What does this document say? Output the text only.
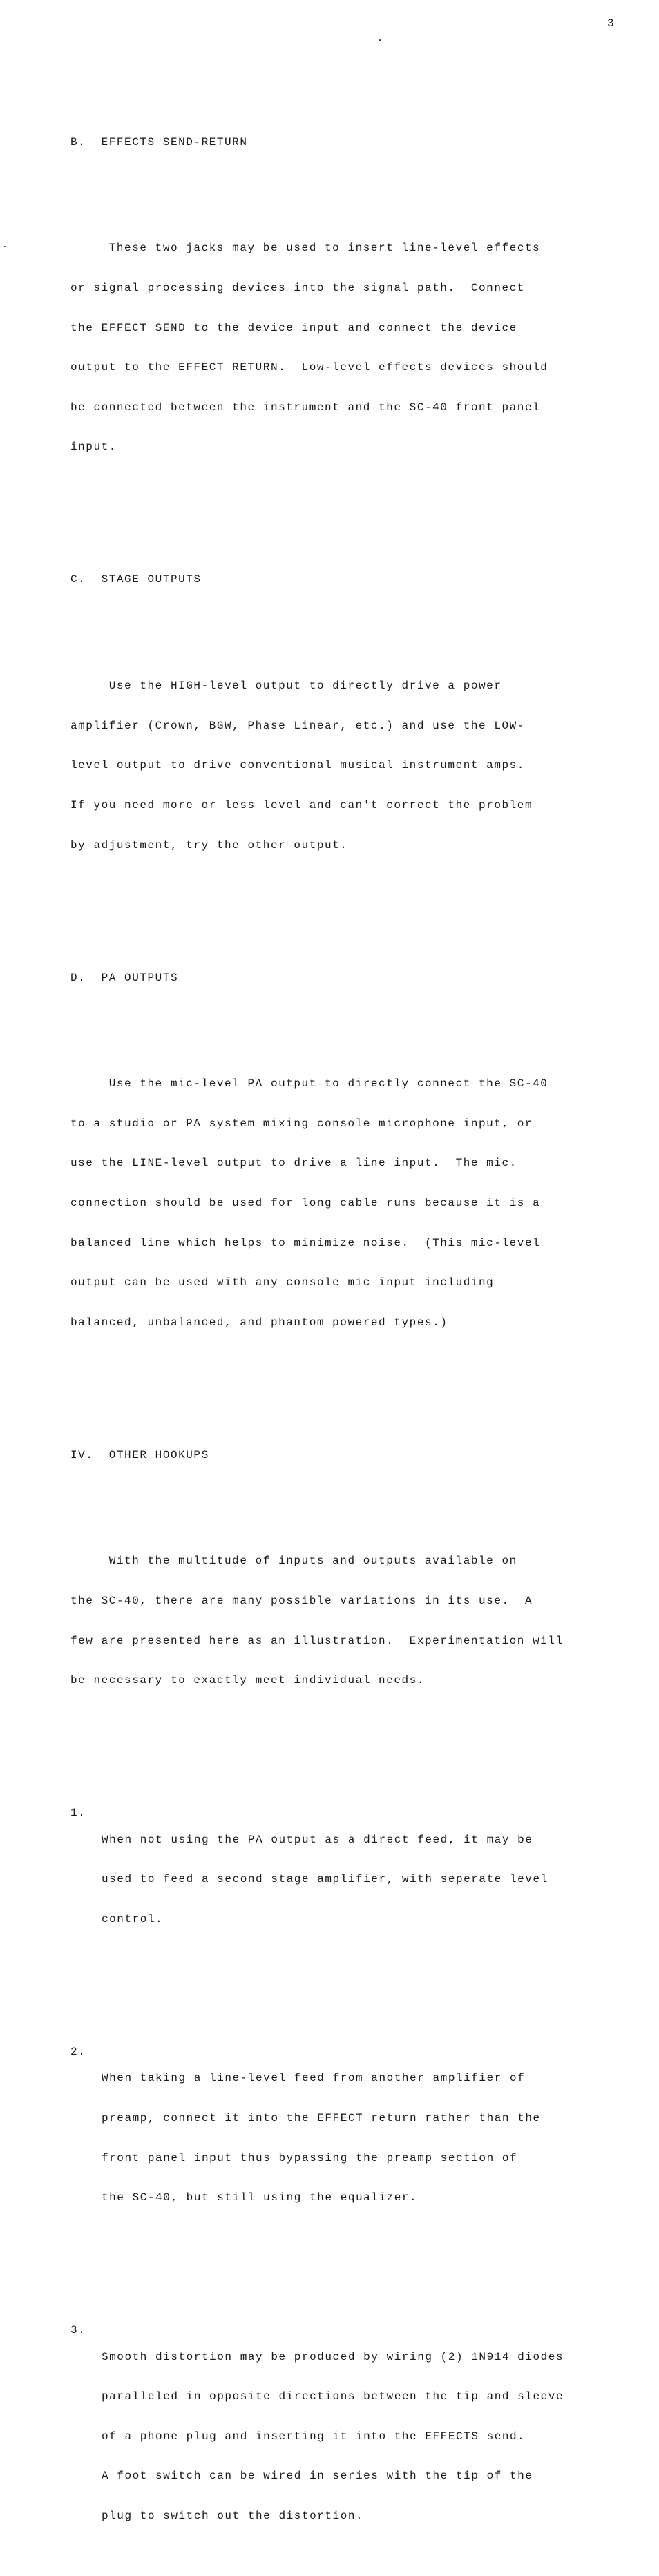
3

B.  EFFECTS SEND-RETURN

These two jacks may be used to insert line-level effects

or signal processing devices into the signal path.  Connect

the EFFECT SEND to the device input and connect the device

output to the EFFECT RETURN.  Low-level effects devices should

be connected between the instrument and the SC-40 front panel

input.

C.  STAGE OUTPUTS

Use the HIGH-level output to directly drive a power

amplifier (Crown, BGW, Phase Linear, etc.) and use the LOW-

level output to drive conventional musical instrument amps.

If you need more or less level and can't correct the problem

by adjustment, try the other output.

D.  PA OUTPUTS

Use the mic-level PA output to directly connect the SC-40

to a studio or PA system mixing console microphone input, or

use the LINE-level output to drive a line input.  The mic.

connection should be used for long cable runs because it is a

balanced line which helps to minimize noise.  (This mic-level

output can be used with any console mic input including

balanced, unbalanced, and phantom powered types.)

IV.  OTHER HOOKUPS

With the multitude of inputs and outputs available on

the SC-40, there are many possible variations in its use.  A

few are presented here as an illustration.  Experimentation will

be necessary to exactly meet individual needs.

1.

When not using the PA output as a direct feed, it may be

used to feed a second stage amplifier, with seperate level

control.

2.

When taking a line-level feed from another amplifier of

preamp, connect it into the EFFECT return rather than the

front panel input thus bypassing the preamp section of

the SC-40, but still using the equalizer.

3.

Smooth distortion may be produced by wiring (2) 1N914 diodes

paralleled in opposite directions between the tip and sleeve

of a phone plug and inserting it into the EFFECTS send.

A foot switch can be wired in series with the tip of the

plug to switch out the distortion.
